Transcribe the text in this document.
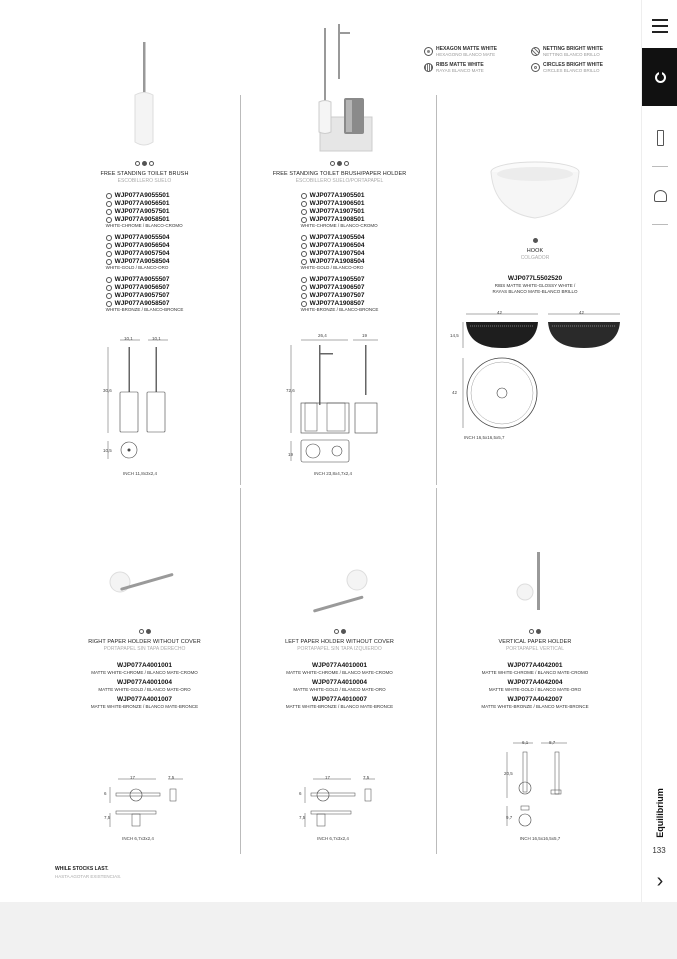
HEXAGON MATTE WHITE
HEXAGONO BLANCO MATE
RIBS MATTE WHITE
RAYAS BLANCO MATE
NETTING BRIGHT WHITE
NETTING BLANCO BRILLO
CIRCLES BRIGHT WHITE
CIRCLES BLANCO BRILLO
FREE STANDING TOILET BRUSH
ESCOBILLERO SUELO
WJP077A9055501
WJP077A9056501
WJP077A9057501
WJP077A9058501
WHITE-CHROME / BLANCO-CROMO
WJP077A9055504
WJP077A9056504
WJP077A9057504
WJP077A9058504
WHITE-GOLD / BLANCO-ORO
WJP077A9055507
WJP077A9056507
WJP077A9057507
WJP077A9058507
WHITE-BRONZE / BLANCO-BRONCE
FREE STANDING TOILET BRUSH/PAPER HOLDER
ESCOBILLERO SUELO/PORTAPAPEL
WJP077A1905501
WJP077A1906501
WJP077A1907501
WJP077A1908501
WHITE-CHROME / BLANCO-CROMO
WJP077A1905504
WJP077A1906504
WJP077A1907504
WJP077A1908504
WHITE-GOLD / BLANCO-ORO
WJP077A1905507
WJP077A1906507
WJP077A1907507
WJP077A1908507
WHITE-BRONZE / BLANCO-BRONCE
HOOK
COLGADOR
WJP077L5502520
RIBS MATTE WHITE-GLOSSY WHITE /
RAYAS BLANCO MATE-BLANCO BRILLO
10,1	10,1
30,6
10,5
INCH 11,8x3x2,4
26,4	19
72,6
19
INCH 23,8x4,7x2,4
42	42
14,5
42
INCH 16,5x16,5x5,7
RIGHT PAPER HOLDER WITHOUT COVER
PORTAPAPEL SIN TAPA DERECHO
WJP077A4001001
MATTE WHITE-CHROME / BLANCO MATE-CROMO
WJP077A4001004
MATTE WHITE-GOLD / BLANCO MATE-ORO
WJP077A4001007
MATTE WHITE-BRONZE / BLANCO MATE-BRONCE
LEFT PAPER HOLDER WITHOUT COVER
PORTAPAPEL SIN TAPA IZQUIERDO
WJP077A4010001
MATTE WHITE-CHROME / BLANCO MATE-CROMO
WJP077A4010004
MATTE WHITE-GOLD / BLANCO MATE-ORO
WJP077A4010007
MATTE WHITE-BRONZE / BLANCO MATE-BRONCE
VERTICAL PAPER HOLDER
PORTAPAPEL VERTICAL
WJP077A4042001
MATTE WHITE-CHROME / BLANCO MATE-CROMO
WJP077A4042004
MATTE WHITE-GOLD / BLANCO MATE-ORO
WJP077A4042007
MATTE WHITE-BRONZE / BLANCO MATE-BRONCE
17	7,5
6
7,5
INCH 6,7x3x2,4
17	7,5
6
7,5
INCH 6,7x3x2,4
6,1	8,7
20,5
9,7
INCH 16,5x16,5x5,7
WHILE STOCKS LAST.
HASTA AGOTAR EXISTENCIAS.	›
Equilibrium
133
